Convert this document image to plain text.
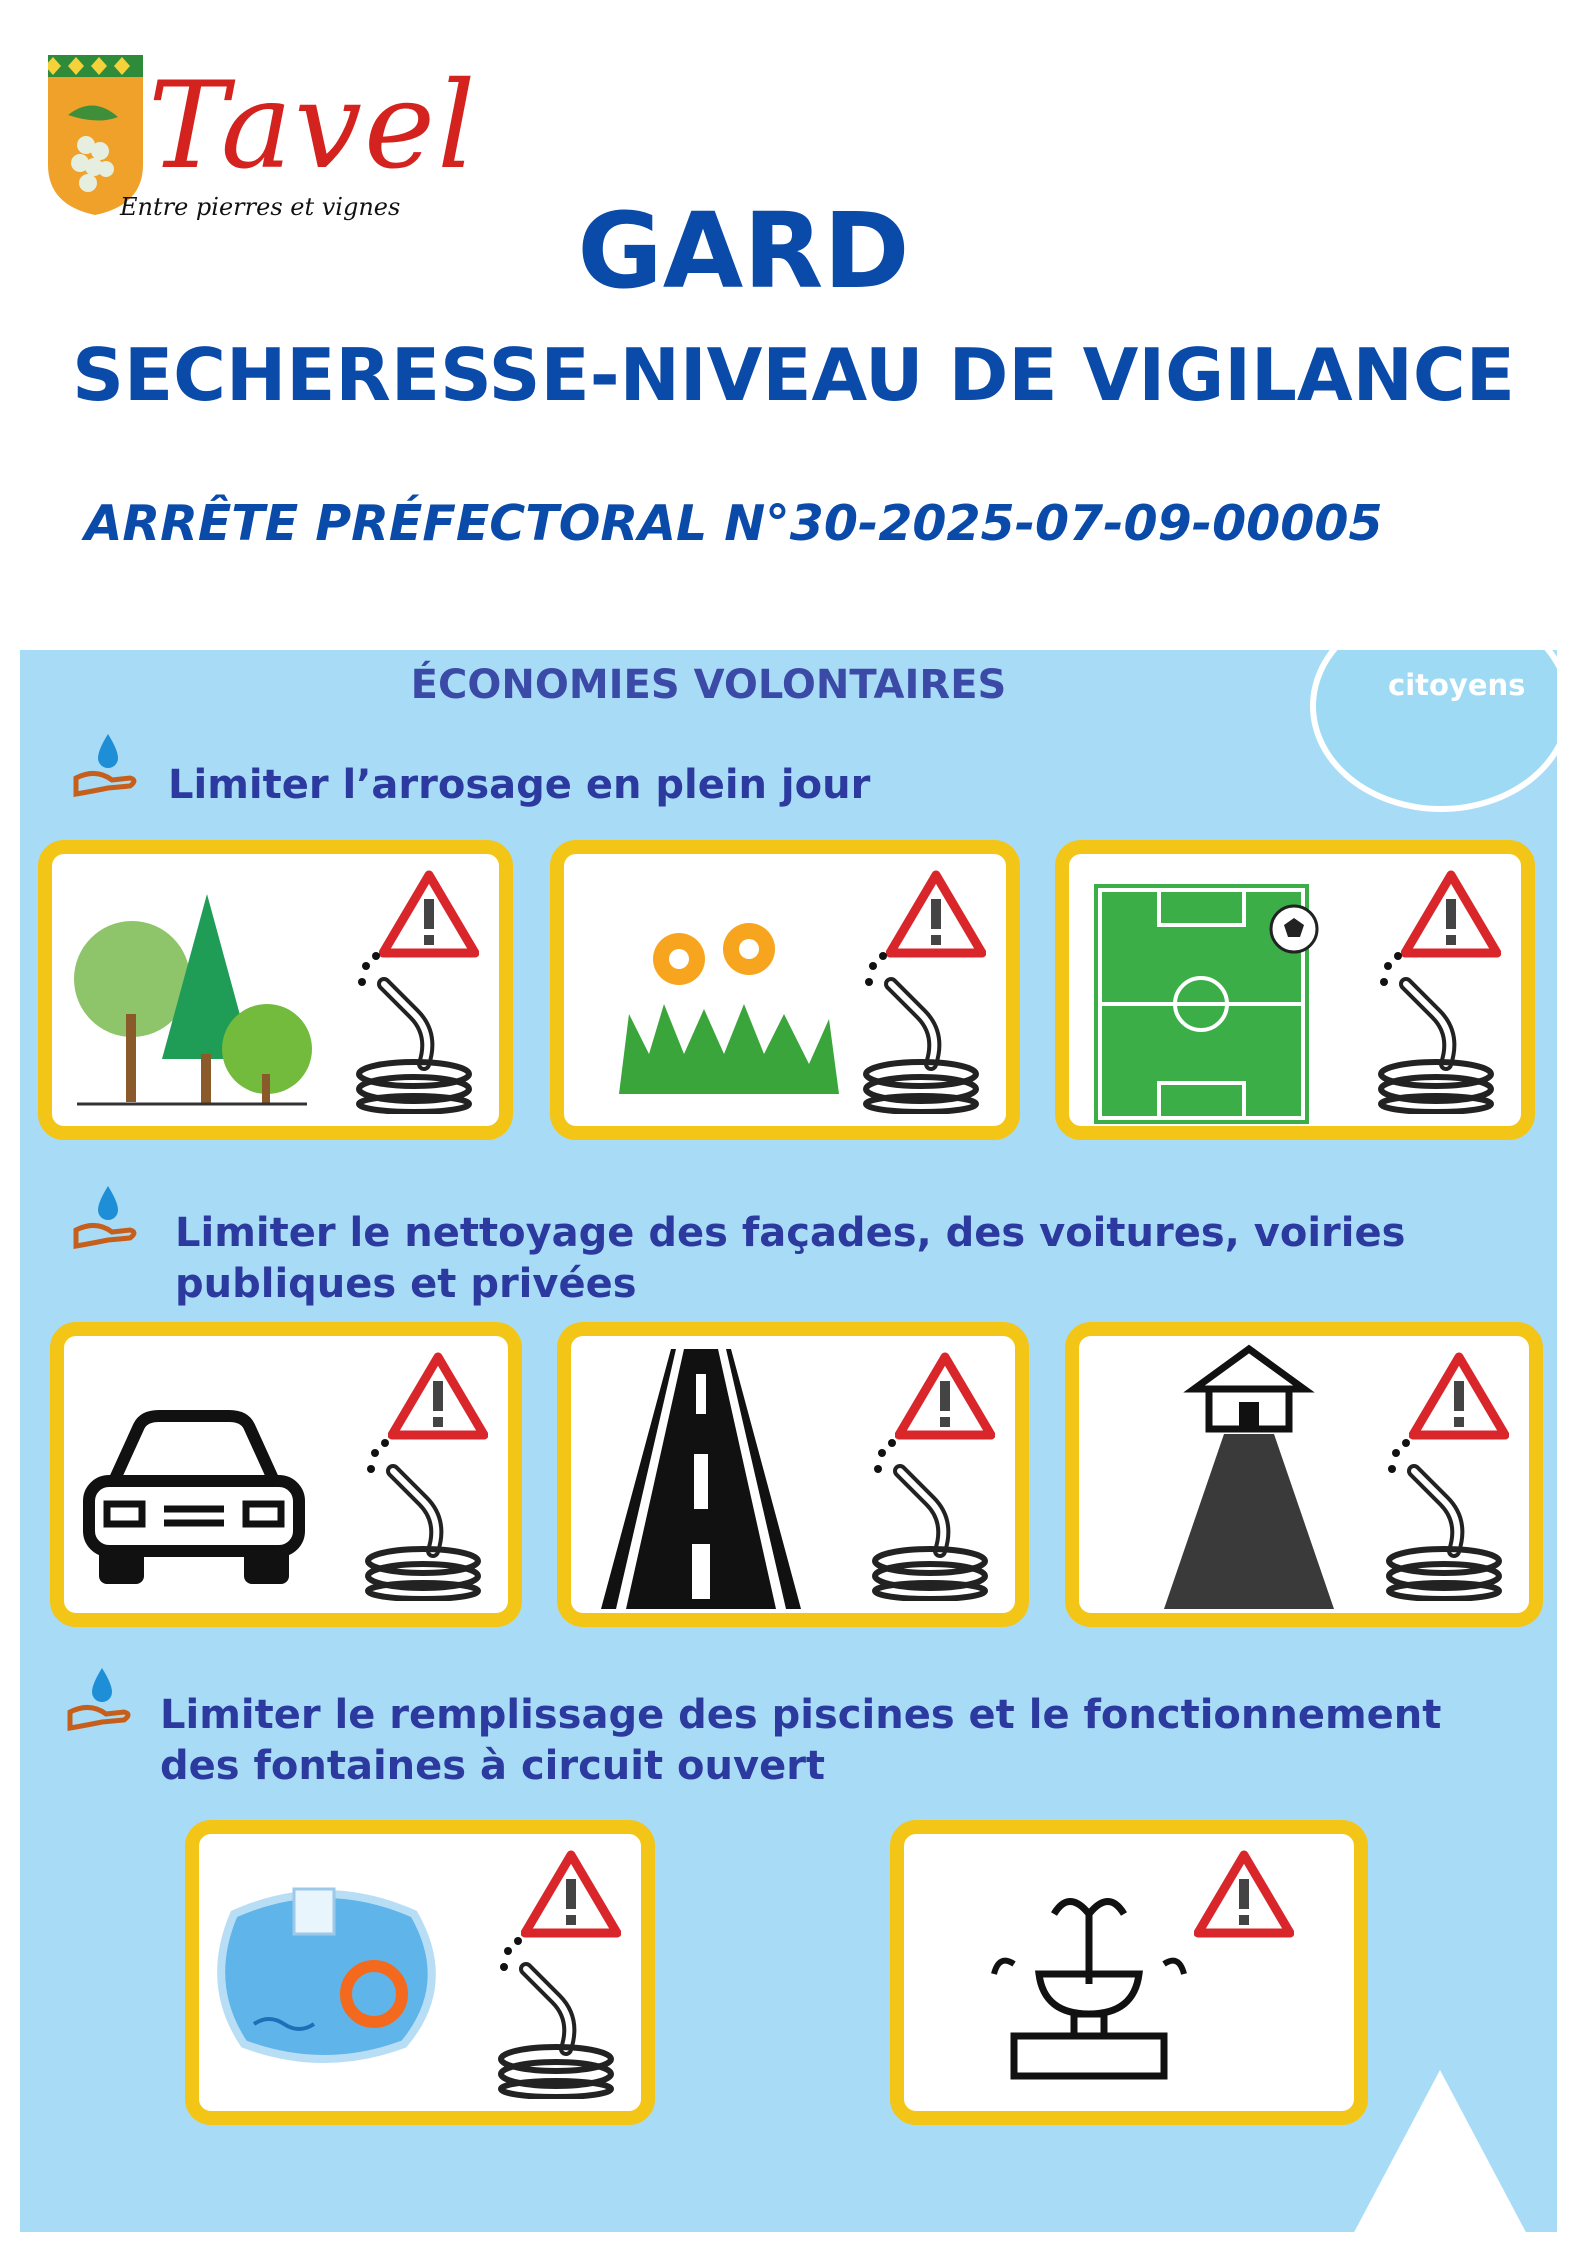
Tavel
Entre pierres et vignes	GARD
SECHERESSE-NIVEAU DE VIGILANCE
ARRÊTE PRÉFECTORAL N°30-2025-07-09-00005
citoyens
ÉCONOMIES VOLONTAIRES
Limiter l’arrosage en plein jour
Limiter le nettoyage des façades, des voitures, voiries
publiques et privées
Limiter le remplissage des piscines et le fonctionnement
des fontaines à circuit ouvert
